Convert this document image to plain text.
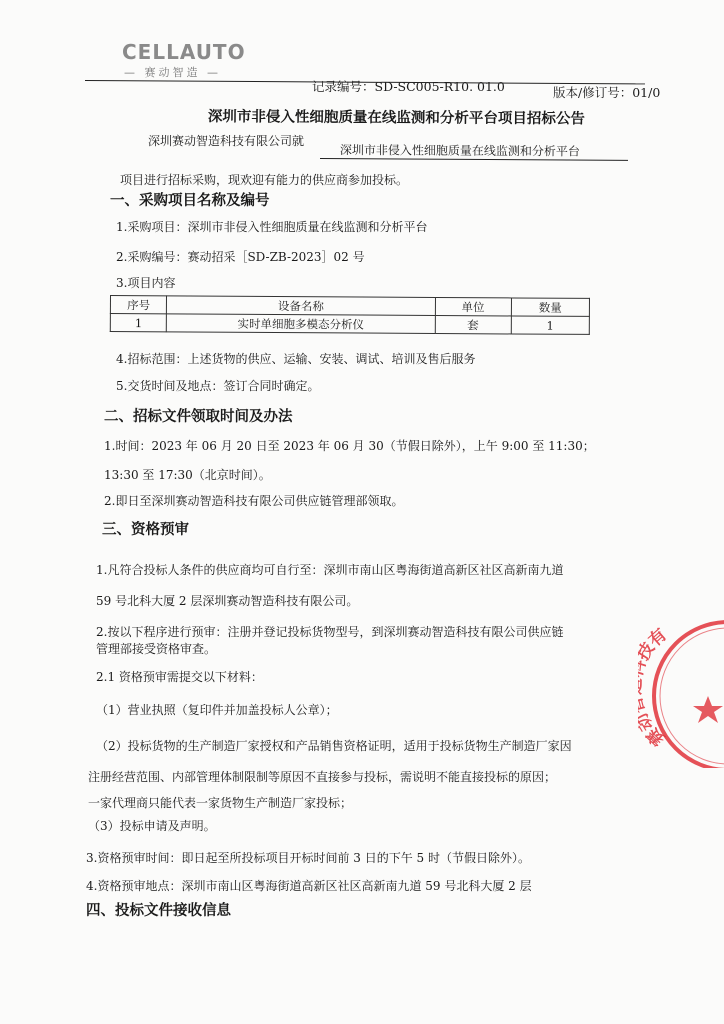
CELLAUTO
— 赛动智造 —
记录编号：SD-SC005-R10. 01.0	版本/修订号：01/0
深圳市非侵入性细胞质量在线监测和分析平台项目招标公告
深圳赛动智造科技有限公司就
深圳市非侵入性细胞质量在线监测和分析平台
项目进行招标采购，现欢迎有能力的供应商参加投标。
一、采购项目名称及编号
1.采购项目：深圳市非侵入性细胞质量在线监测和分析平台
2.采购编号：赛动招采［SD-ZB-2023］02 号
3.项目内容
序号	设备名称	单位	数量
1	实时单细胞多模态分析仪	套	1
4.招标范围：上述货物的供应、运输、安装、调试、培训及售后服务
5.交货时间及地点：签订合同时确定。
二、招标文件领取时间及办法
1.时间：2023 年 06 月 20 日至 2023 年 06 月 30（节假日除外），上午 9:00 至 11:30；
13:30 至 17:30（北京时间）。
2.即日至深圳赛动智造科技有限公司供应链管理部领取。
三、资格预审
1.凡符合投标人条件的供应商均可自行至：深圳市南山区粤海街道高新区社区高新南九道
59 号北科大厦 2 层深圳赛动智造科技有限公司。
2.按以下程序进行预审：注册并登记投标货物型号，到深圳赛动智造科技有限公司供应链
管理部接受资格审查。
2.1 资格预审需提交以下材料：
（1）营业执照（复印件并加盖投标人公章）；
（2）投标货物的生产制造厂家授权和产品销售资格证明，适用于投标货物生产制造厂家因
注册经营范围、内部管理体制限制等原因不直接参与投标，需说明不能直接投标的原因；
一家代理商只能代表一家货物生产制造厂家投标；
（3）投标申请及声明。
3.资格预审时间：即日起至所投标项目开标时间前 3 日的下午 5 时（节假日除外）。
4.资格预审地点：深圳市南山区粤海街道高新区社区高新南九道 59 号北科大厦 2 层
四、投标文件接收信息
赛 有
